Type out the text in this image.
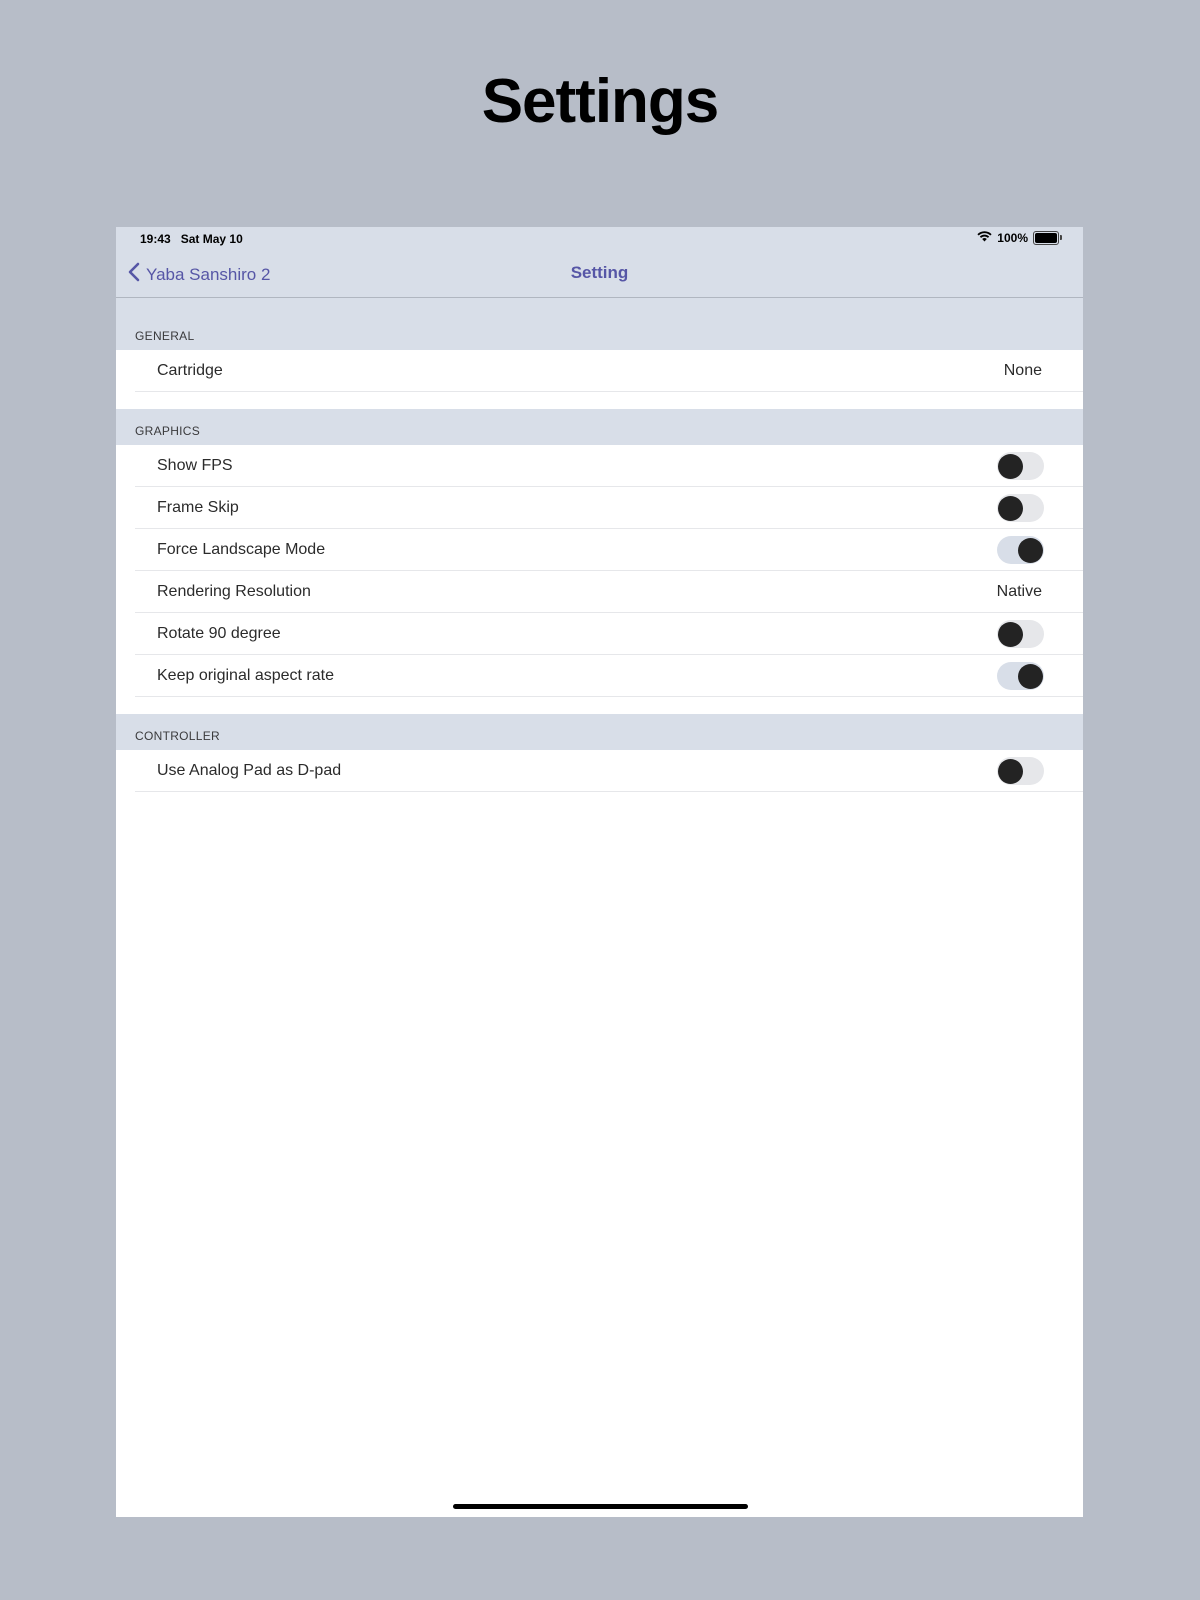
Settings
19:43 Sat May 10	100%
Yaba Sanshiro 2	Setting
GENERAL
Cartridge	None
GRAPHICS
Show FPS
Frame Skip
Force Landscape Mode
Rendering Resolution	Native
Rotate 90 degree
Keep original aspect rate
CONTROLLER
Use Analog Pad as D-pad
